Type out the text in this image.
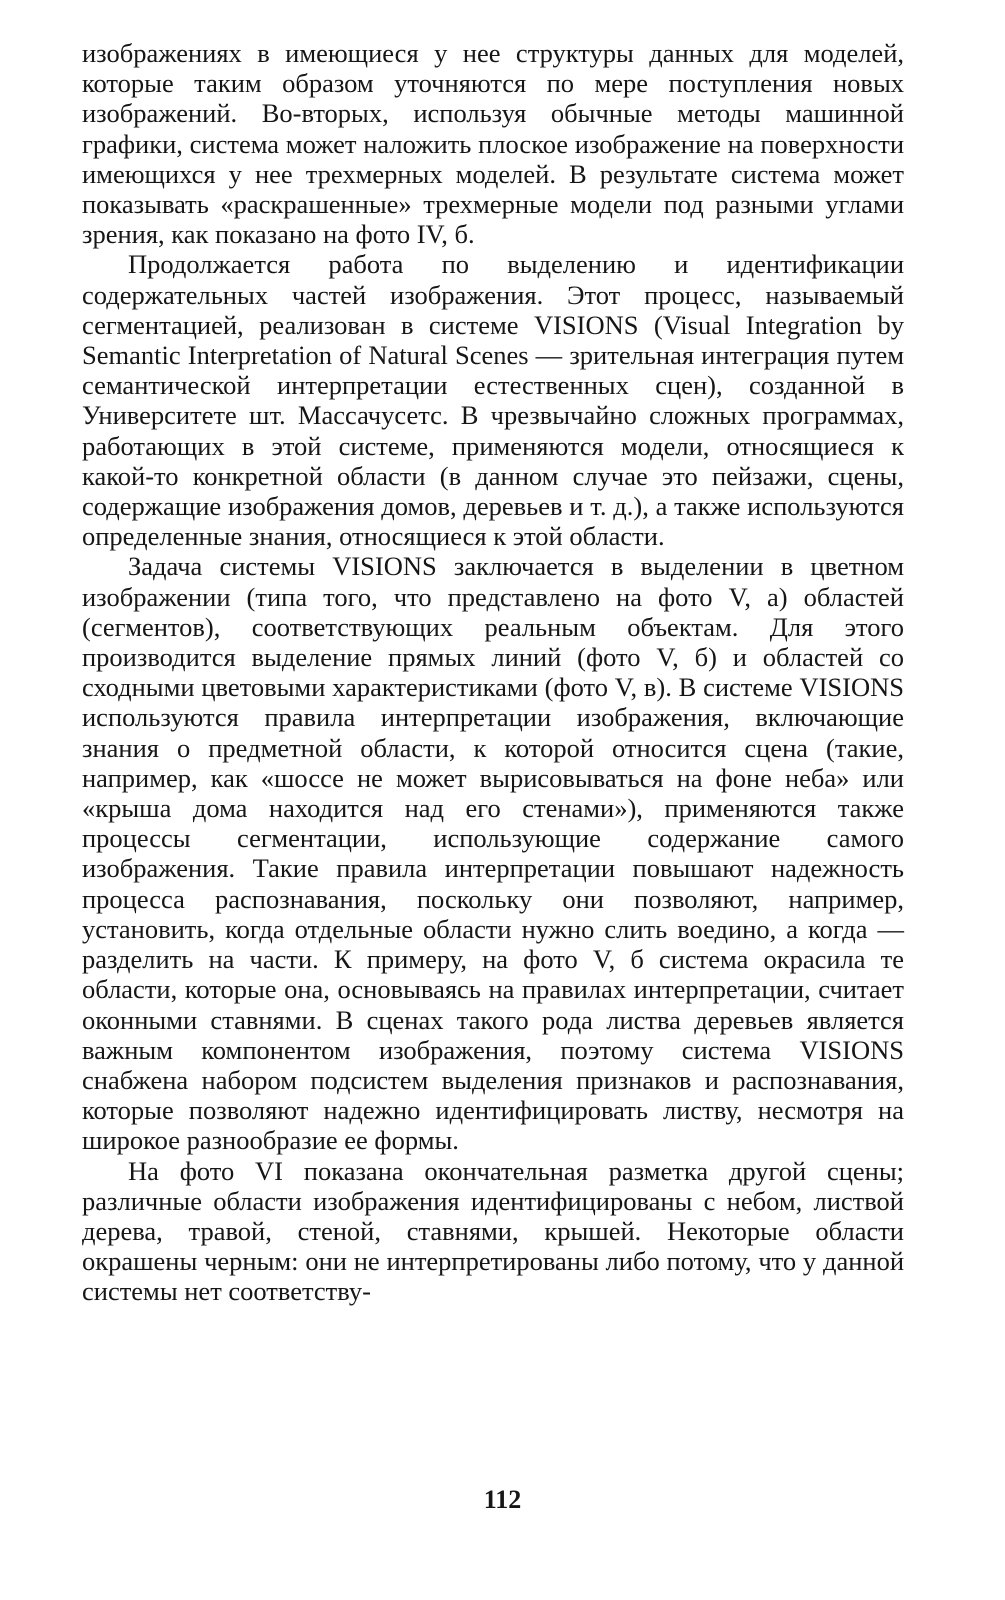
изображениях в имеющиеся у нее структуры данных для моделей, которые таким образом уточняются по мере поступления новых изображений. Во-вторых, используя обычные методы машинной графики, система может наложить плоское изображение на поверхности имеющихся у нее трехмерных моделей. В результате система может показывать «раскрашенные» трехмерные модели под разными углами зрения, как показано на фото IV, б.

Продолжается работа по выделению и идентификации содержательных частей изображения. Этот процесс, называемый сегментацией, реализован в системе VISIONS (Visual Integration by Semantic Interpretation of Natural Scenes — зрительная интеграция путем семантической интерпретации естественных сцен), созданной в Университете шт. Массачусетс. В чрезвычайно сложных программах, работающих в этой системе, применяются модели, относящиеся к какой-то конкретной области (в данном случае это пейзажи, сцены, содержащие изображения домов, деревьев и т. д.), а также используются определенные знания, относящиеся к этой области.

Задача системы VISIONS заключается в выделении в цветном изображении (типа того, что представлено на фото V, а) областей (сегментов), соответствующих реальным объектам. Для этого производится выделение прямых линий (фото V, б) и областей со сходными цветовыми характеристиками (фото V, в). В системе VISIONS используются правила интерпретации изображения, включающие знания о предметной области, к которой относится сцена (такие, например, как «шоссе не может вырисовываться на фоне неба» или «крыша дома находится над его стенами»), применяются также процессы сегментации, использующие содержание самого изображения. Такие правила интерпретации повышают надежность процесса распознавания, поскольку они позволяют, например, установить, когда отдельные области нужно слить воедино, а когда — разделить на части. К примеру, на фото V, б система окрасила те области, которые она, основываясь на правилах интерпретации, считает оконными ставнями. В сценах такого рода листва деревьев является важным компонентом изображения, поэтому система VISIONS снабжена набором подсистем выделения признаков и распознавания, которые позволяют надежно идентифицировать листву, несмотря на широкое разнообразие ее формы.

На фото VI показана окончательная разметка другой сцены; различные области изображения идентифицированы с небом, листвой дерева, травой, стеной, ставнями, крышей. Некоторые области окрашены черным: они не интерпретированы либо потому, что у данной системы нет соответству-

112
